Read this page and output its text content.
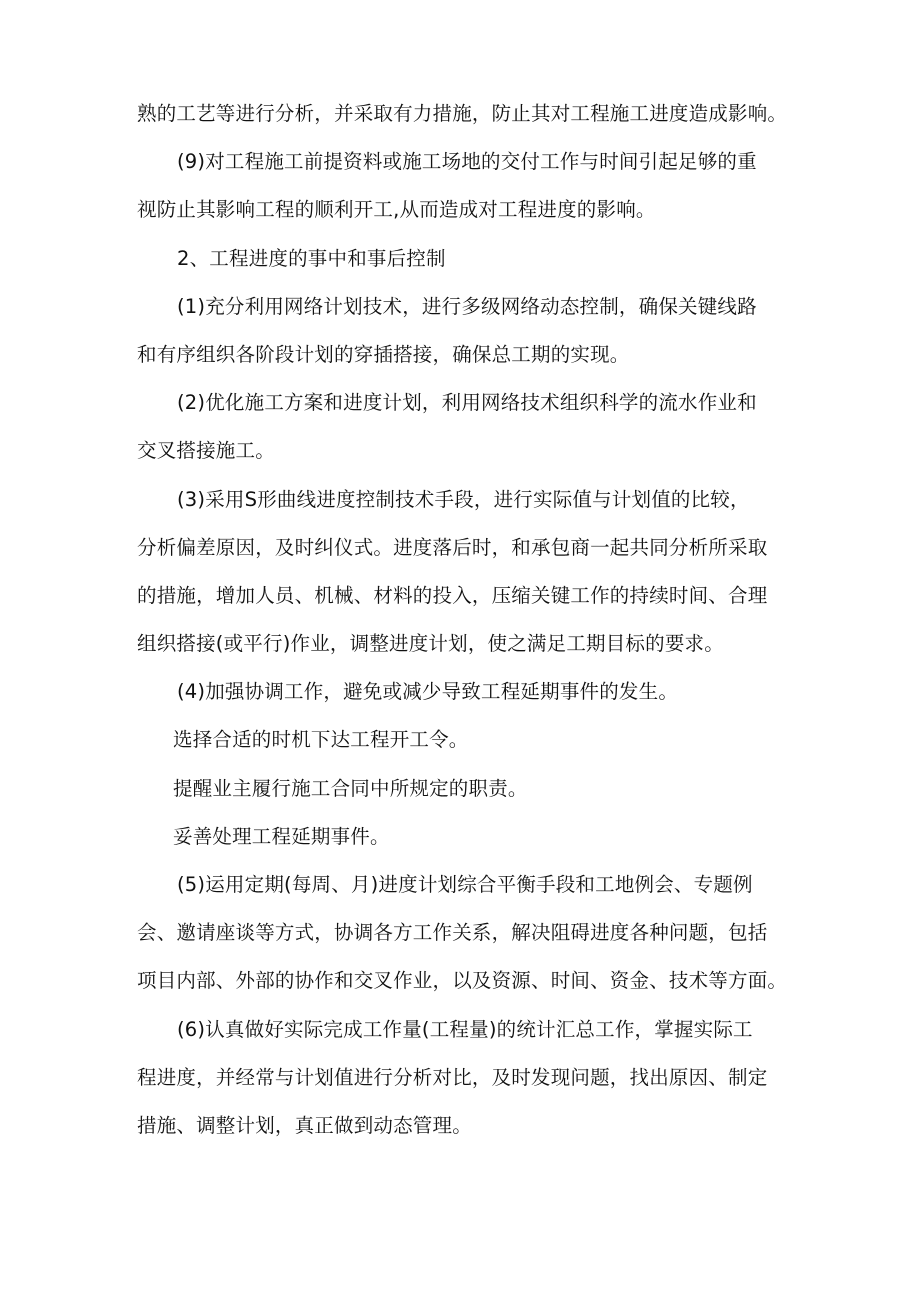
熟的工艺等进行分析，并采取有力措施，防止其对工程施工进度造成影响。
(9)对工程施工前提资料或施工场地的交付工作与时间引起足够的重
视防止其影响工程的顺利开工,从而造成对工程进度的影响。
2、工程进度的事中和事后控制
(1)充分利用网络计划技术，进行多级网络动态控制，确保关键线路
和有序组织各阶段计划的穿插搭接，确保总工期的实现。
(2)优化施工方案和进度计划，利用网络技术组织科学的流水作业和
交叉搭接施工。
(3)采用S形曲线进度控制技术手段，进行实际值与计划值的比较，
分析偏差原因，及时纠仪式。进度落后时，和承包商一起共同分析所采取
的措施，增加人员、机械、材料的投入，压缩关键工作的持续时间、合理
组织搭接(或平行)作业，调整进度计划，使之满足工期目标的要求。
(4)加强协调工作，避免或减少导致工程延期事件的发生。
选择合适的时机下达工程开工令。
提醒业主履行施工合同中所规定的职责。
妥善处理工程延期事件。
(5)运用定期(每周、月)进度计划综合平衡手段和工地例会、专题例
会、邀请座谈等方式，协调各方工作关系，解决阻碍进度各种问题，包括
项目内部、外部的协作和交叉作业，以及资源、时间、资金、技术等方面。
(6)认真做好实际完成工作量(工程量)的统计汇总工作，掌握实际工
程进度，并经常与计划值进行分析对比，及时发现问题，找出原因、制定
措施、调整计划，真正做到动态管理。
